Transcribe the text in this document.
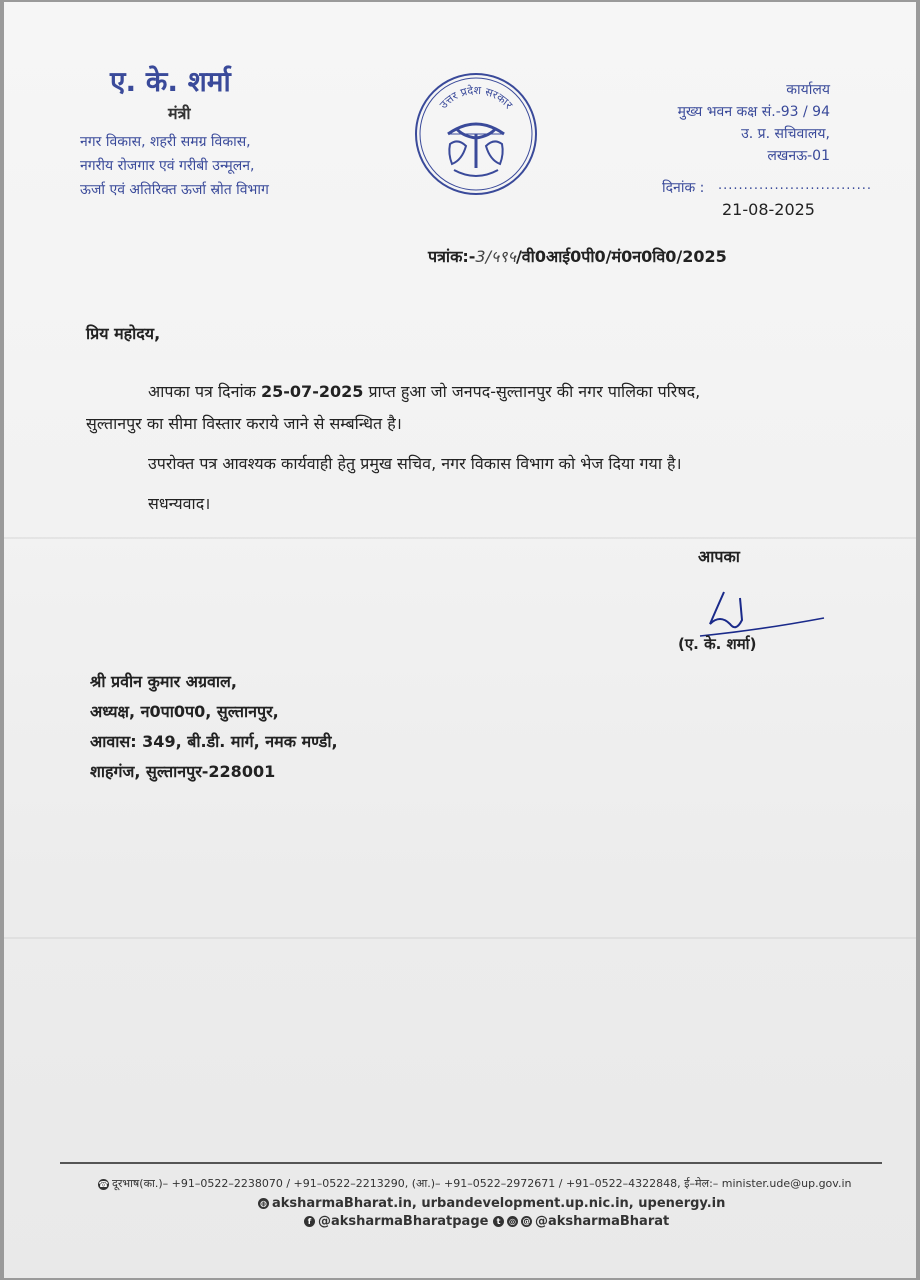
ए. के. शर्मा
मंत्री
नगर विकास, शहरी समग्र विकास,
नगरीय रोजगार एवं गरीबी उन्मूलन,
ऊर्जा एवं अतिरिक्त ऊर्जा स्रोत विभाग
उत्तर प्रदेश सरकार
कार्यालय
मुख्य भवन कक्ष सं.-93 / 94
उ. प्र. सचिवालय,
लखनऊ-01
दिनांक : ..............................
21-08-2025
पत्रांक:-3/५९५/वी0आई0पी0/मं0न0वि0/2025
प्रिय महोदय,
आपका पत्र दिनांक 25-07-2025 प्राप्त हुआ जो जनपद-सुल्तानपुर की नगर पालिका परिषद,
सुल्तानपुर का सीमा विस्तार कराये जाने से सम्बन्धित है।
उपरोक्त पत्र आवश्यक कार्यवाही हेतु प्रमुख सचिव, नगर विकास विभाग को भेज दिया गया है।
सधन्यवाद।
आपका
(ए. के. शर्मा)
श्री प्रवीन कुमार अग्रवाल,
अध्यक्ष, न0पा0प0, सुल्तानपुर,
आवास: 349, बी.डी. मार्ग, नमक मण्डी,
शाहगंज, सुल्तानपुर-228001
☎ दूरभाष(का.)– +91–0522–2238070 / +91–0522–2213290, (आ.)– +91–0522–2972671 / +91–0522–4322848, ई–मेल:– minister.ude@up.gov.in
◍ aksharmaBharat.in, urbandevelopment.up.nic.in, upenergy.in
f @aksharmaBharatpage t ◎ @ @aksharmaBharat
